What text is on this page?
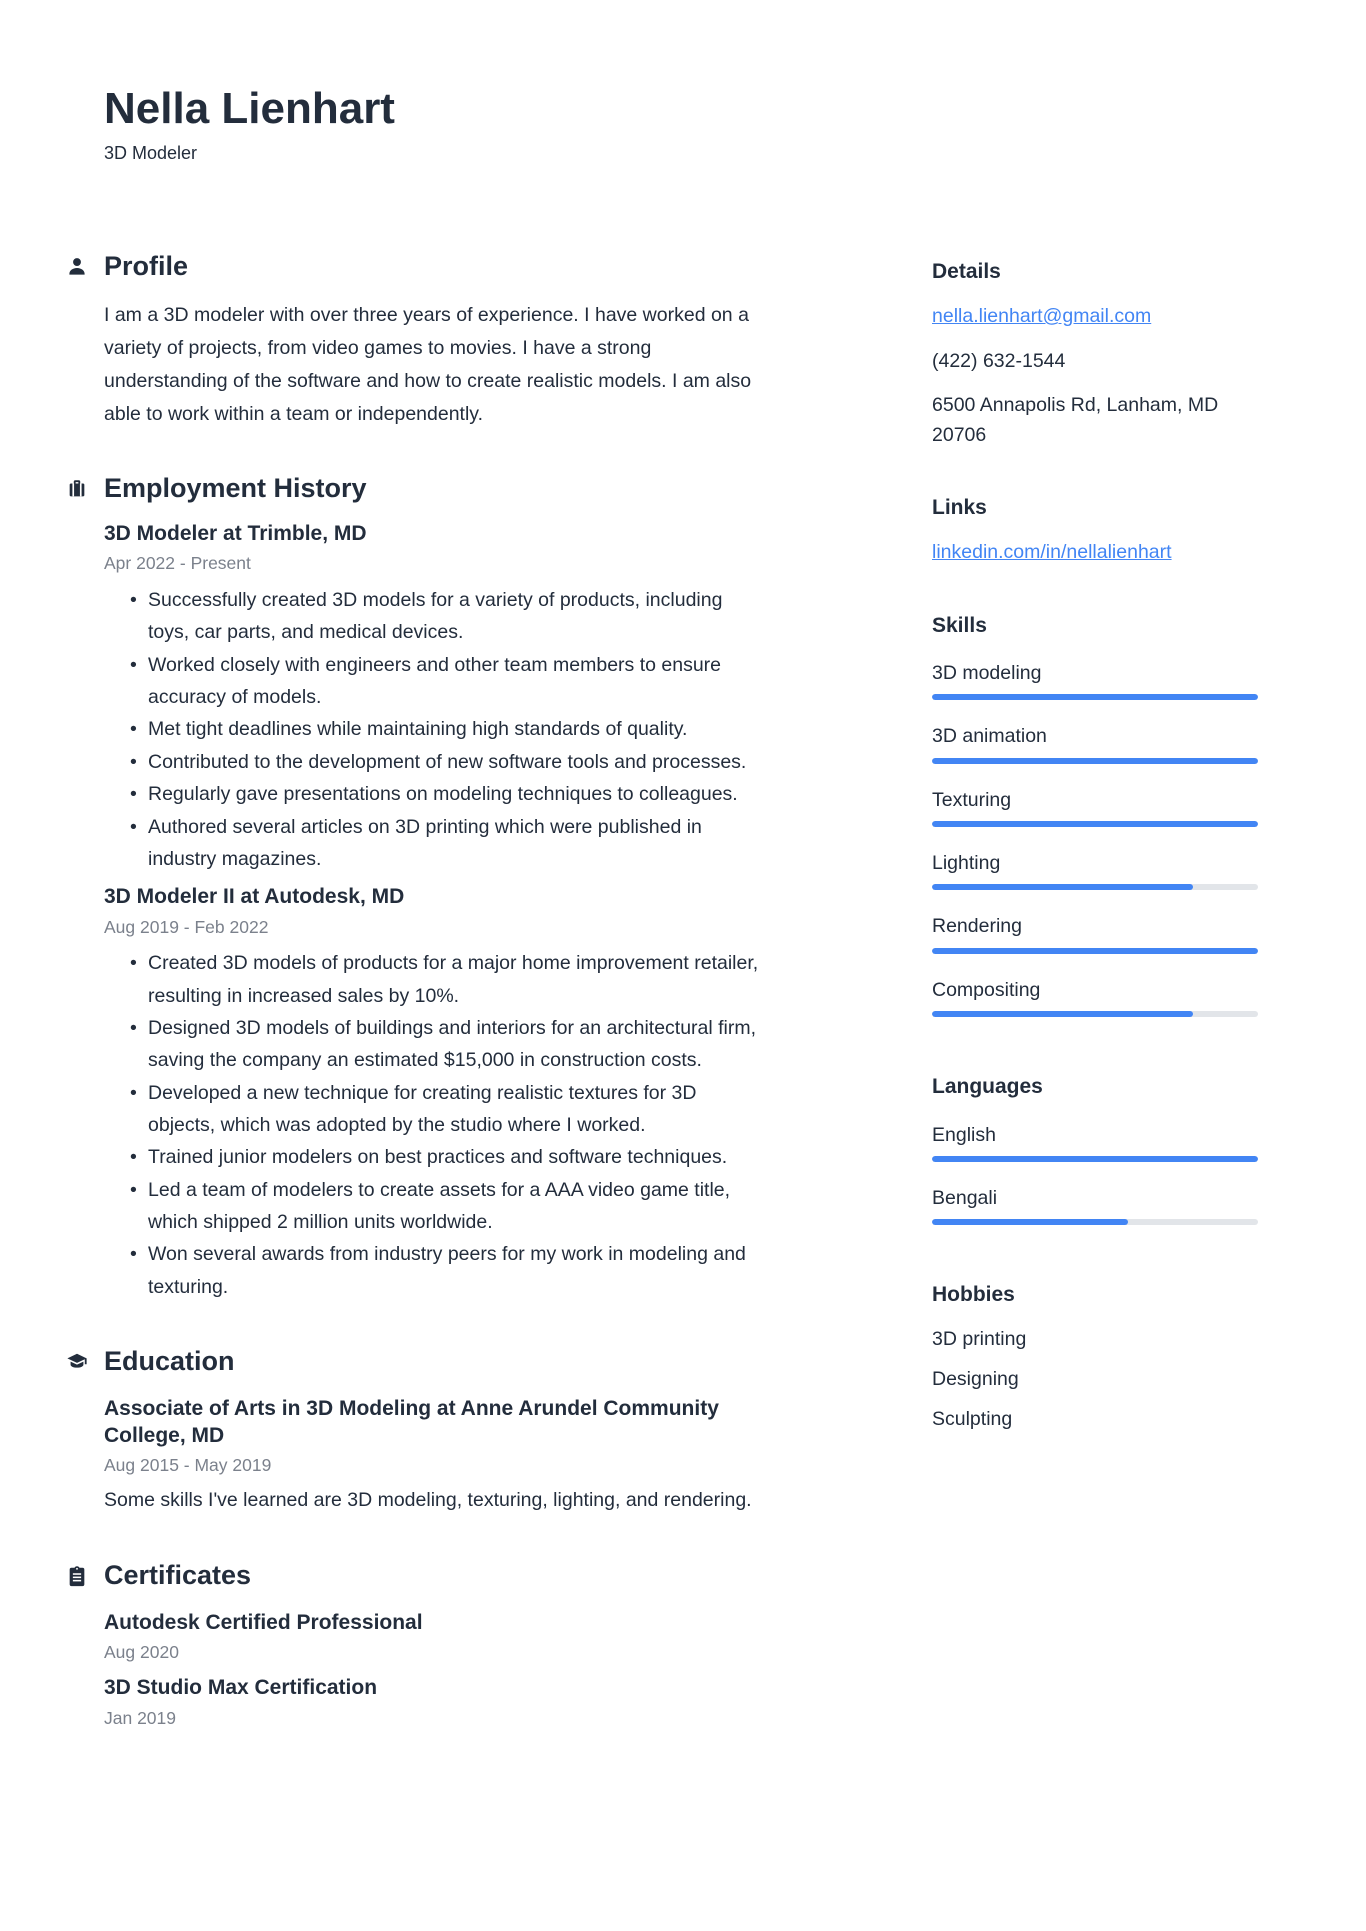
Nella Lienhart
3D Modeler
Profile

I am a 3D modeler with over three years of experience. I have worked on a variety of projects, from video games to movies. I have a strong understanding of the software and how to create realistic models. I am also able to work within a team or independently.

Employment History
3D Modeler at Trimble, MD
Apr 2022 - Present
• Successfully created 3D models for a variety of products, including toys, car parts, and medical devices.
• Worked closely with engineers and other team members to ensure accuracy of models.
• Met tight deadlines while maintaining high standards of quality.
• Contributed to the development of new software tools and processes.
• Regularly gave presentations on modeling techniques to colleagues.
• Authored several articles on 3D printing which were published in industry magazines.
3D Modeler II at Autodesk, MD
Aug 2019 - Feb 2022
• Created 3D models of products for a major home improvement retailer, resulting in increased sales by 10%.
• Designed 3D models of buildings and interiors for an architectural firm, saving the company an estimated $15,000 in construction costs.
• Developed a new technique for creating realistic textures for 3D objects, which was adopted by the studio where I worked.
• Trained junior modelers on best practices and software techniques.
• Led a team of modelers to create assets for a AAA video game title, which shipped 2 million units worldwide.
• Won several awards from industry peers for my work in modeling and texturing.
Education
Associate of Arts in 3D Modeling at Anne Arundel Community College, MD
Aug 2015 - May 2019

Some skills I've learned are 3D modeling, texturing, lighting, and rendering.

Certificates
Autodesk Certified Professional
Aug 2020
3D Studio Max Certification
Jan 2019
Details
nella.lienhart@gmail.com
(422) 632-1544
6500 Annapolis Rd, Lanham, MD 20706
Links
linkedin.com/in/nellalienhart
Skills
3D modeling
3D animation
Texturing
Lighting
Rendering
Compositing
Languages
English
Bengali
Hobbies
3D printing
Designing
Sculpting
